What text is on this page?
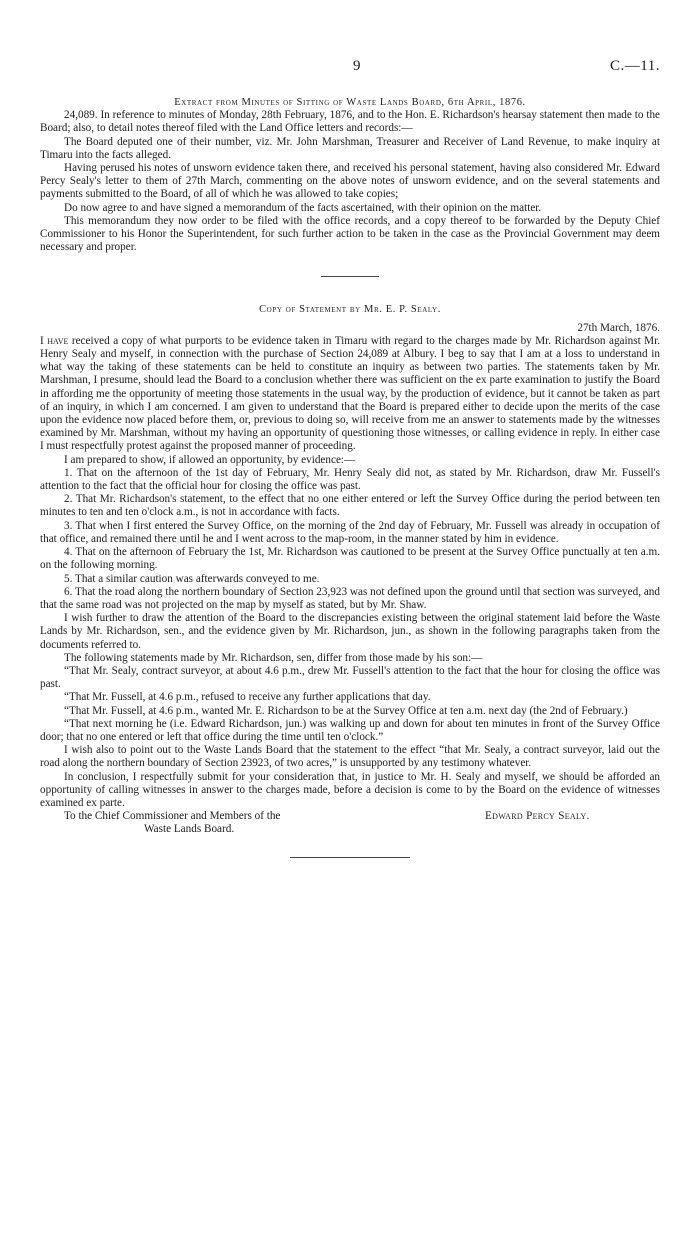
9	C.—11.
Extract from Minutes of Sitting of Waste Lands Board, 6th April, 1876.

24,089. In reference to minutes of Monday, 28th February, 1876, and to the Hon. E. Richardson's hearsay statement then made to the Board; also, to detail notes thereof filed with the Land Office letters and records:—

The Board deputed one of their number, viz. Mr. John Marshman, Treasurer and Receiver of Land Revenue, to make inquiry at Timaru into the facts alleged.

Having perused his notes of unsworn evidence taken there, and received his personal statement, having also considered Mr. Edward Percy Sealy's letter to them of 27th March, commenting on the above notes of unsworn evidence, and on the several statements and payments submitted to the Board, of all of which he was allowed to take copies;

Do now agree to and have signed a memorandum of the facts ascertained, with their opinion on the matter.

This memorandum they now order to be filed with the office records, and a copy thereof to be forwarded by the Deputy Chief Commissioner to his Honor the Superintendent, for such further action to be taken in the case as the Provincial Government may deem necessary and proper.

Copy of Statement by Mr. E. P. Sealy.
27th March, 1876.

I have received a copy of what purports to be evidence taken in Timaru with regard to the charges made by Mr. Richardson against Mr. Henry Sealy and myself, in connection with the purchase of Section 24,089 at Albury. I beg to say that I am at a loss to understand in what way the taking of these statements can be held to constitute an inquiry as between two parties. The statements taken by Mr. Marshman, I presume, should lead the Board to a conclusion whether there was sufficient on the ex parte examination to justify the Board in affording me the opportunity of meeting those statements in the usual way, by the production of evidence, but it cannot be taken as part of an inquiry, in which I am concerned. I am given to understand that the Board is prepared either to decide upon the merits of the case upon the evidence now placed before them, or, previous to doing so, will receive from me an answer to statements made by the witnesses examined by Mr. Marshman, without my having an opportunity of questioning those witnesses, or calling evidence in reply. In either case I must respectfully protest against the proposed manner of proceeding.

I am prepared to show, if allowed an opportunity, by evidence:—

1. That on the afternoon of the 1st day of February, Mr. Henry Sealy did not, as stated by Mr. Richardson, draw Mr. Fussell's attention to the fact that the official hour for closing the office was past.

2. That Mr. Richardson's statement, to the effect that no one either entered or left the Survey Office during the period between ten minutes to ten and ten o'clock a.m., is not in accordance with facts.

3. That when I first entered the Survey Office, on the morning of the 2nd day of February, Mr. Fussell was already in occupation of that office, and remained there until he and I went across to the map-room, in the manner stated by him in evidence.

4. That on the afternoon of February the 1st, Mr. Richardson was cautioned to be present at the Survey Office punctually at ten a.m. on the following morning.

5. That a similar caution was afterwards conveyed to me.

6. That the road along the northern boundary of Section 23,923 was not defined upon the ground until that section was surveyed, and that the same road was not projected on the map by myself as stated, but by Mr. Shaw.

I wish further to draw the attention of the Board to the discrepancies existing between the original statement laid before the Waste Lands by Mr. Richardson, sen., and the evidence given by Mr. Richardson, jun., as shown in the following paragraphs taken from the documents referred to.

The following statements made by Mr. Richardson, sen, differ from those made by his son:—

“That Mr. Sealy, contract surveyor, at about 4.6 p.m., drew Mr. Fussell's attention to the fact that the hour for closing the office was past.

“That Mr. Fussell, at 4.6 p.m., refused to receive any further applications that day.

“That Mr. Fussell, at 4.6 p.m., wanted Mr. E. Richardson to be at the Survey Office at ten a.m. next day (the 2nd of February.)

“That next morning he (i.e. Edward Richardson, jun.) was walking up and down for about ten minutes in front of the Survey Office door; that no one entered or left that office during the time until ten o'clock.”

I wish also to point out to the Waste Lands Board that the statement to the effect “that Mr. Sealy, a contract surveyor, laid out the road along the northern boundary of Section 23923, of two acres,” is unsupported by any testimony whatever.

In conclusion, I respectfully submit for your consideration that, in justice to Mr. H. Sealy and myself, we should be afforded an opportunity of calling witnesses in answer to the charges made, before a decision is come to by the Board on the evidence of witnesses examined ex parte.

To the Chief Commissioner and Members of the	Edward Percy Sealy.
Waste Lands Board.
